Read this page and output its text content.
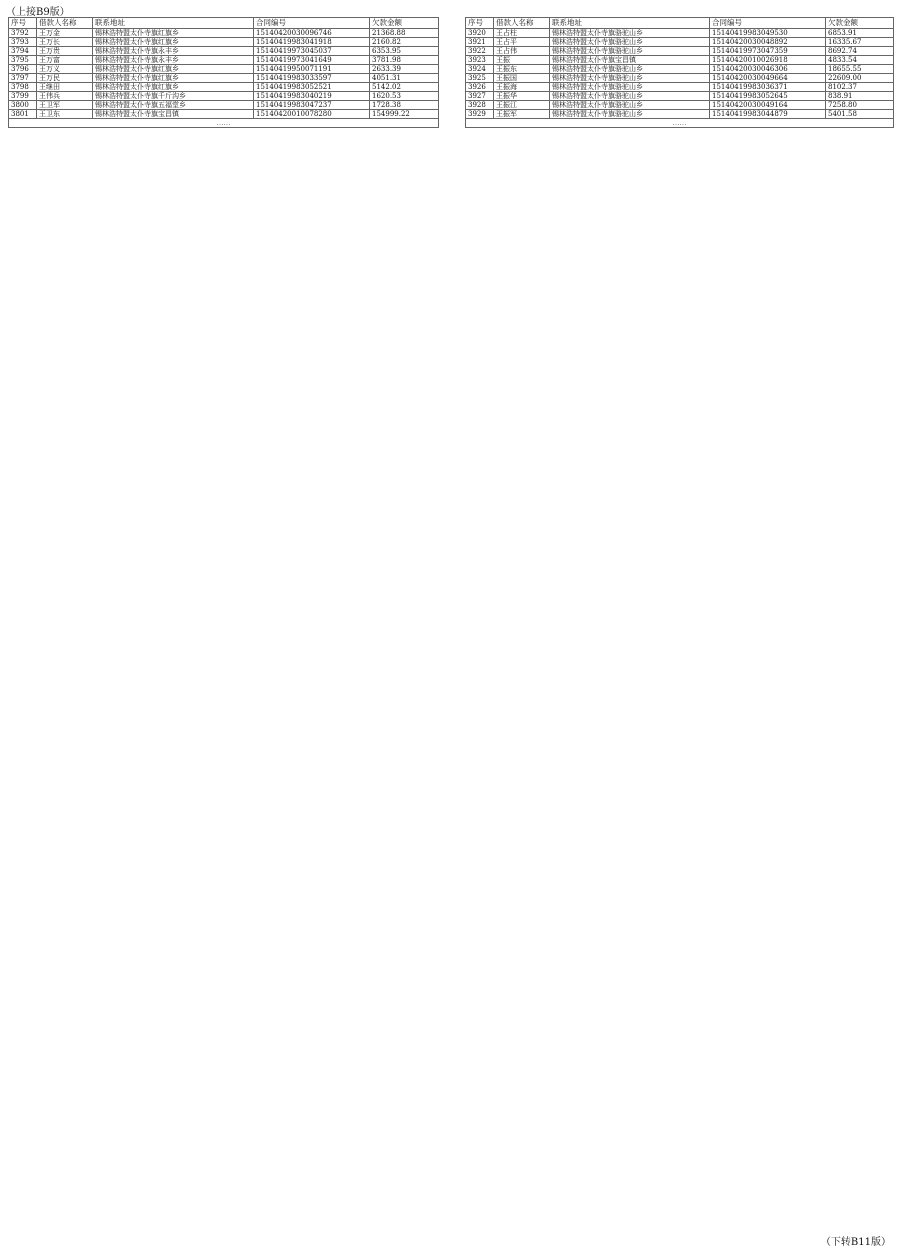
（上接B9版）
序号	借款人名称	联系地址	合同编号	欠款金额
3792	王万金	锡林浩特盟太仆寺旗红旗乡	15140420030096746	21368.88
3793	王万长	锡林浩特盟太仆寺旗红旗乡	15140419983041918	2160.82
3794	王万贵	锡林浩特盟太仆寺旗永丰乡	15140419973045037	6353.95
3795	王万富	锡林浩特盟太仆寺旗永丰乡	15140419973041649	3781.98
3796	王万义	锡林浩特盟太仆寺旗红旗乡	15140419950071191	2633.39
3797	王万民	锡林浩特盟太仆寺旗红旗乡	15140419983033597	4051.31
3798	王继田	锡林浩特盟太仆寺旗红旗乡	15140419983052521	5142.02
3799	王伟兵	锡林浩特盟太仆寺旗千斤沟乡	15140419983040219	1620.53
3800	王卫军	锡林浩特盟太仆寺旗五福堂乡	15140419983047237	1728.38
3801	王卫东	锡林浩特盟太仆寺旗宝昌镇	15140420010078280	154999.22
……				
序号	借款人名称	联系地址	合同编号	欠款金额
3920	王占柱	锡林浩特盟太仆寺旗骆驼山乡	15140419983049530	6853.91
3921	王占平	锡林浩特盟太仆寺旗骆驼山乡	15140420030048892	16335.67
3922	王占伟	锡林浩特盟太仆寺旗骆驼山乡	15140419973047359	8692.74
3923	王振	锡林浩特盟太仆寺旗宝昌镇	15140420010026918	4833.54
3924	王振东	锡林浩特盟太仆寺旗骆驼山乡	15140420030046306	18655.55
3925	王振国	锡林浩特盟太仆寺旗骆驼山乡	15140420030049664	22609.00
3926	王振海	锡林浩特盟太仆寺旗骆驼山乡	15140419983036371	8102.37
3927	王振华	锡林浩特盟太仆寺旗骆驼山乡	15140419983052645	838.91
3928	王振江	锡林浩特盟太仆寺旗骆驼山乡	15140420030049164	7258.80
3929	王振军	锡林浩特盟太仆寺旗骆驼山乡	15140419983044879	5401.58
……				
（下转B11版）
